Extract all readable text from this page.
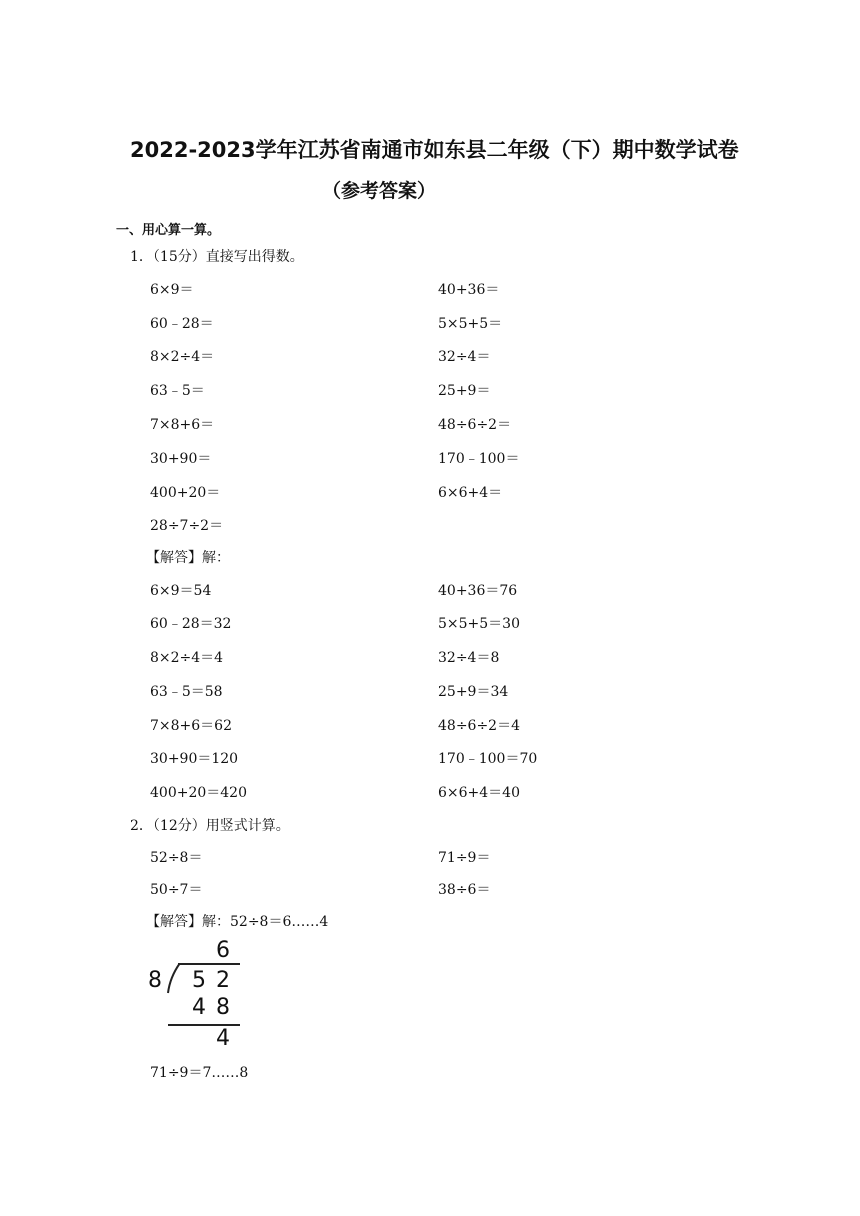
2022-2023学年江苏省南通市如东县二年级（下）期中数学试卷
（参考答案）
一、用心算一算。
1．（15分）直接写出得数。
6×9＝
60﹣28＝
8×2÷4＝
63﹣5＝
7×8+6＝
30+90＝
400+20＝
28÷7÷2＝
40+36＝
5×5+5＝
32÷4＝
25+9＝
48÷6÷2＝
170﹣100＝
6×6+4＝
【解答】解：
6×9＝54
60﹣28＝32
8×2÷4＝4
63﹣5＝58
7×8+6＝62
30+90＝120
400+20＝420
40+36＝76
5×5+5＝30
32÷4＝8
25+9＝34
48÷6÷2＝4
170﹣100＝70
6×6+4＝40
2．（12分）用竖式计算。
52÷8＝	71÷9＝
50÷7＝	38÷6＝
【解答】解：52÷8＝6……4
6
8 5 2
4 8
4
71÷9＝7……8
